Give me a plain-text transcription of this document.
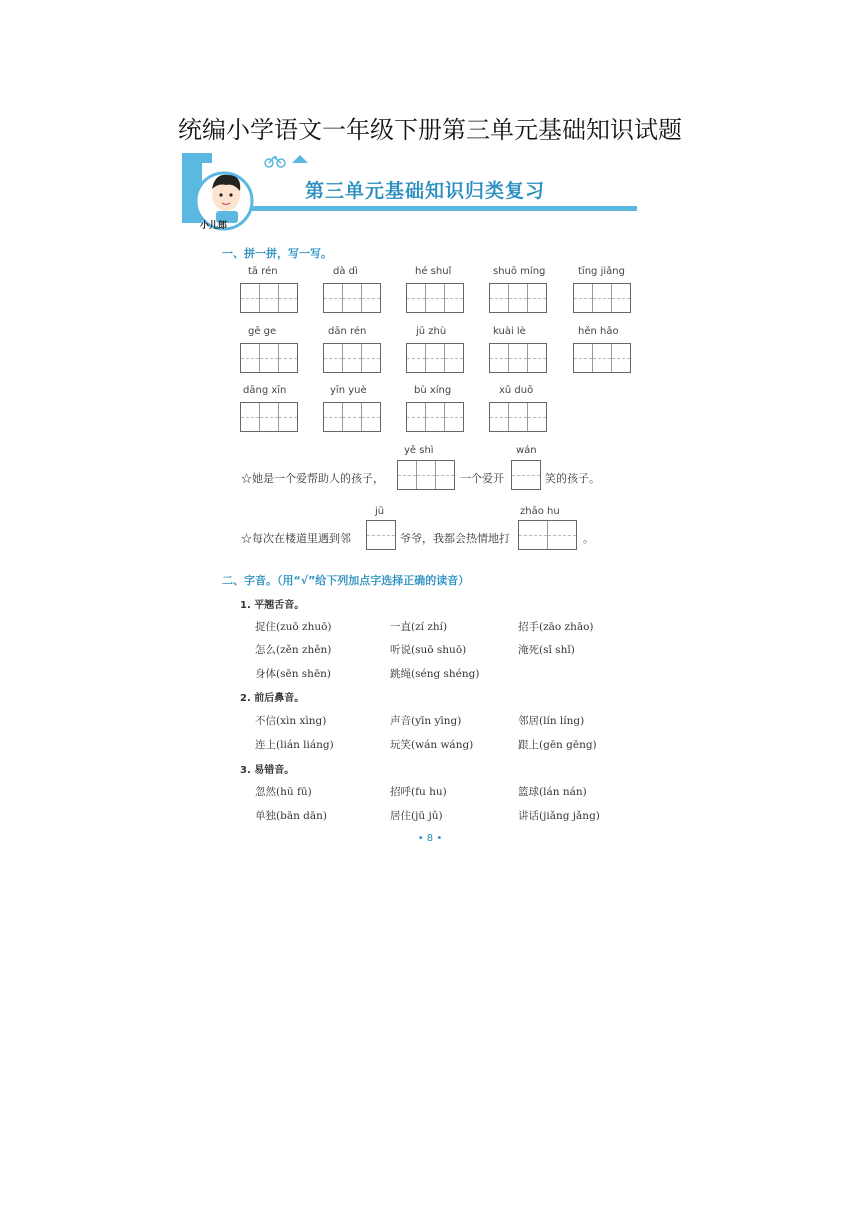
统编小学语文一年级下册第三单元基础知识试题
第三单元基础知识归类复习
小儿郎
一、拼一拼，写一写。
tā rén	dà dì	hé shuǐ	shuō míng	tīng jiǎng
gē ge	dān rén	jū zhù	kuài lè	hěn hǎo
dāng xīn	yīn yuè	bù xíng	xǔ duō
yě shì	wán
☆她是一个爱帮助人的孩子，	一个爱开	笑的孩子。
jū	zhāo hu
☆每次在楼道里遇到邻	爷爷，我都会热情地打	。
二、字音。（用“√”给下列加点字选择正确的读音）
1. 平翘舌音。
捉住(zuō zhuō)	一直(zí zhí)	招手(zāo zhāo)
怎么(zěn zhěn)	听说(suō shuō)	淹死(sǐ shǐ)
身体(sēn shēn)	跳绳(séng shéng)
2. 前后鼻音。
不信(xìn xìng)	声音(yīn yīng)	邻居(lín líng)
连上(lián liáng)	玩笑(wán wáng)	跟上(gēn gēng)
3. 易错音。
忽然(hū fū)	招呼(fu hu)	篮球(lán nán)
单独(bān dān)	居住(jū jǔ)	讲话(jiǎng jǎng)
• 8 •
